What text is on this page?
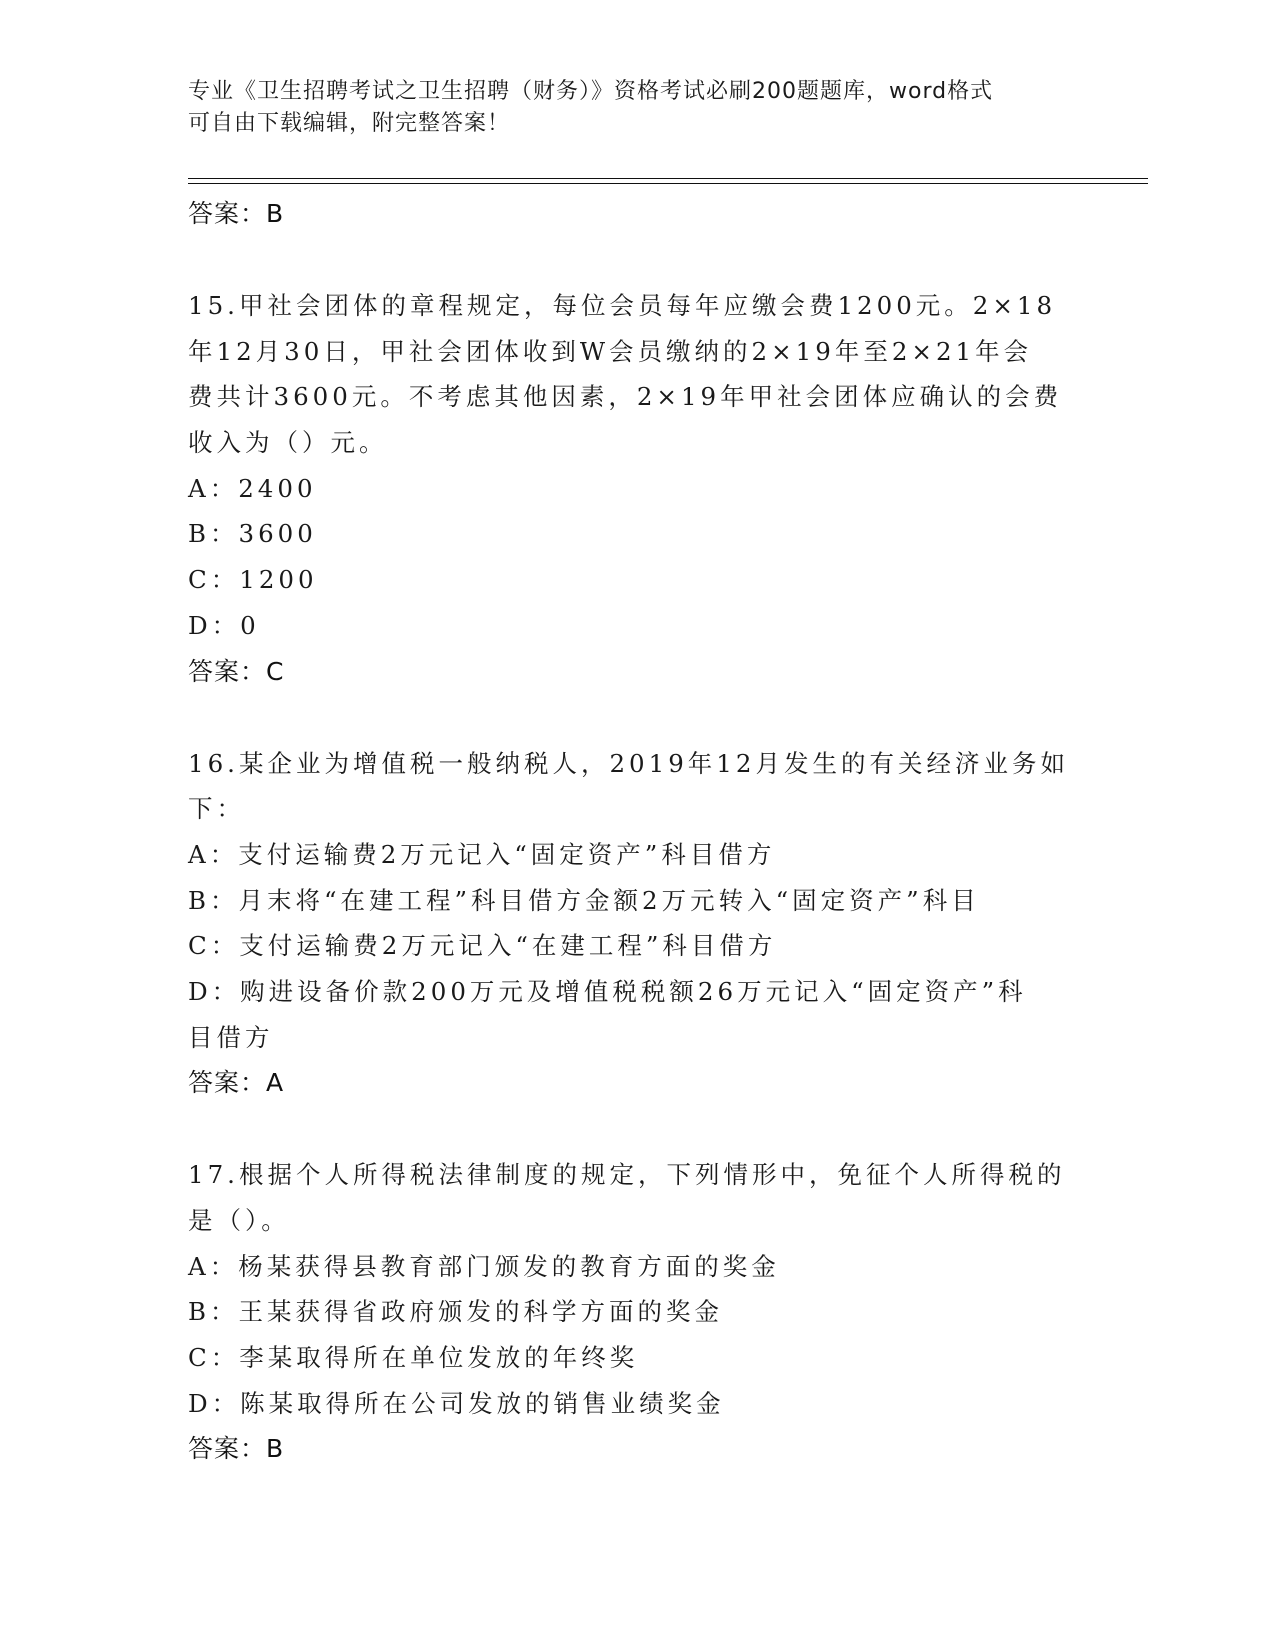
专业《卫生招聘考试之卫生招聘（财务）》资格考试必刷200题题库，word格式
可自由下载编辑，附完整答案！
答案：B
15.甲社会团体的章程规定，每位会员每年应缴会费1200元。2×18
年12月30日，甲社会团体收到W会员缴纳的2×19年至2×21年会
费共计3600元。不考虑其他因素，2×19年甲社会团体应确认的会费
收入为（）元。
A：2400
B：3600
C：1200
D：0
答案：C
16.某企业为增值税一般纳税人，2019年12月发生的有关经济业务如
下：
A：支付运输费2万元记入“固定资产”科目借方
B：月末将“在建工程”科目借方金额2万元转入“固定资产”科目
C：支付运输费2万元记入“在建工程”科目借方
D：购进设备价款200万元及增值税税额26万元记入“固定资产”科
目借方
答案：A
17.根据个人所得税法律制度的规定，下列情形中，免征个人所得税的
是（）。
A：杨某获得县教育部门颁发的教育方面的奖金
B：王某获得省政府颁发的科学方面的奖金
C：李某取得所在单位发放的年终奖
D：陈某取得所在公司发放的销售业绩奖金
答案：B
